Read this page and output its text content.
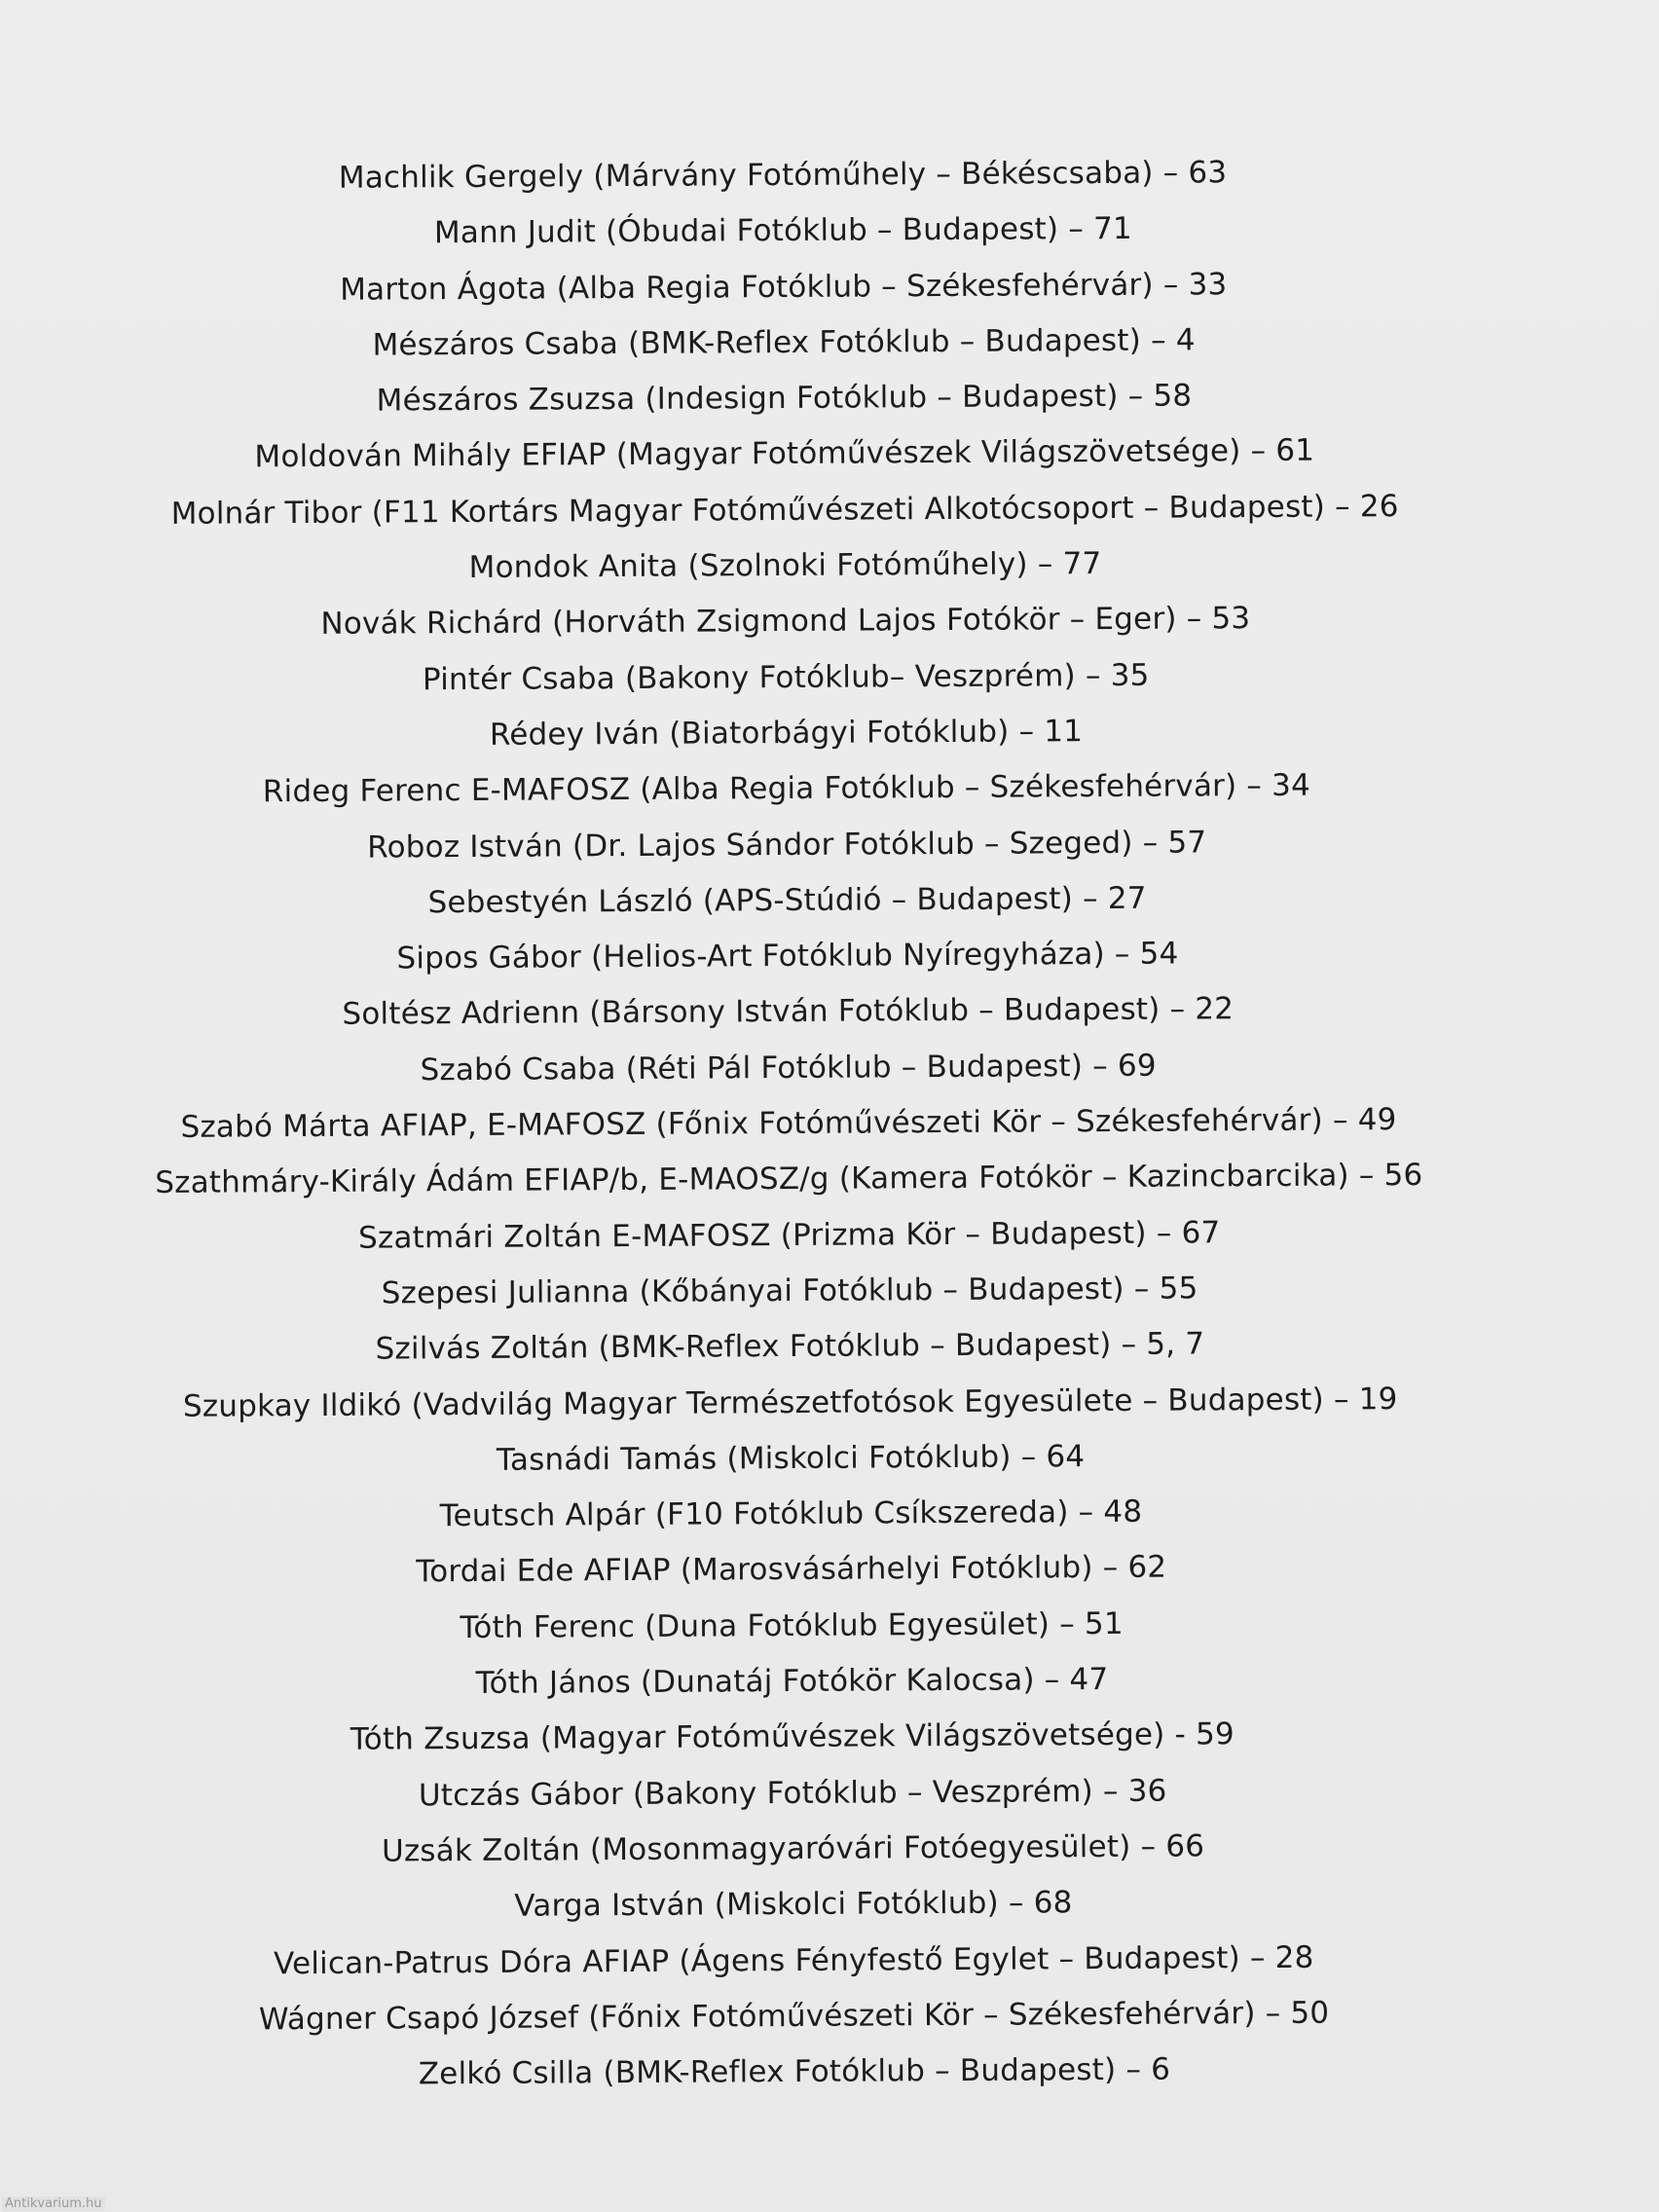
Machlik Gergely (Márvány Fotóműhely – Békéscsaba) – 63
Mann Judit (Óbudai Fotóklub – Budapest) – 71
Marton Ágota (Alba Regia Fotóklub – Székesfehérvár) – 33
Mészáros Csaba (BMK-Reflex Fotóklub – Budapest) – 4
Mészáros Zsuzsa (Indesign Fotóklub – Budapest) – 58
Moldován Mihály EFIAP (Magyar Fotóművészek Világszövetsége) – 61
Molnár Tibor (F11 Kortárs Magyar Fotóművészeti Alkotócsoport – Budapest) – 26
Mondok Anita (Szolnoki Fotóműhely) – 77
Novák Richárd (Horváth Zsigmond Lajos Fotókör – Eger) – 53
Pintér Csaba (Bakony Fotóklub– Veszprém) – 35
Rédey Iván (Biatorbágyi Fotóklub) – 11
Rideg Ferenc E-MAFOSZ (Alba Regia Fotóklub – Székesfehérvár) – 34
Roboz István (Dr. Lajos Sándor Fotóklub – Szeged) – 57
Sebestyén László (APS-Stúdió – Budapest) – 27
Sipos Gábor (Helios-Art Fotóklub Nyíregyháza) – 54
Soltész Adrienn (Bársony István Fotóklub – Budapest) – 22
Szabó Csaba (Réti Pál Fotóklub – Budapest) – 69
Szabó Márta AFIAP, E-MAFOSZ (Főnix Fotóművészeti Kör – Székesfehérvár) – 49
Szathmáry-Király Ádám EFIAP/b, E-MAOSZ/g (Kamera Fotókör – Kazincbarcika) – 56
Szatmári Zoltán E-MAFOSZ (Prizma Kör – Budapest) – 67
Szepesi Julianna (Kőbányai Fotóklub – Budapest) – 55
Szilvás Zoltán (BMK-Reflex Fotóklub – Budapest) – 5, 7
Szupkay Ildikó (Vadvilág Magyar Természetfotósok Egyesülete – Budapest) – 19
Tasnádi Tamás (Miskolci Fotóklub) – 64
Teutsch Alpár (F10 Fotóklub Csíkszereda) – 48
Tordai Ede AFIAP (Marosvásárhelyi Fotóklub) – 62
Tóth Ferenc (Duna Fotóklub Egyesület) – 51
Tóth János (Dunatáj Fotókör Kalocsa) – 47
Tóth Zsuzsa (Magyar Fotóművészek Világszövetsége) - 59
Utczás Gábor (Bakony Fotóklub – Veszprém) – 36
Uzsák Zoltán (Mosonmagyaróvári Fotóegyesület) – 66
Varga István (Miskolci Fotóklub) – 68
Velican-Patrus Dóra AFIAP (Ágens Fényfestő Egylet – Budapest) – 28
Wágner Csapó József (Főnix Fotóművészeti Kör – Székesfehérvár) – 50
Zelkó Csilla (BMK-Reflex Fotóklub – Budapest) – 6
Antikvarium.hu
